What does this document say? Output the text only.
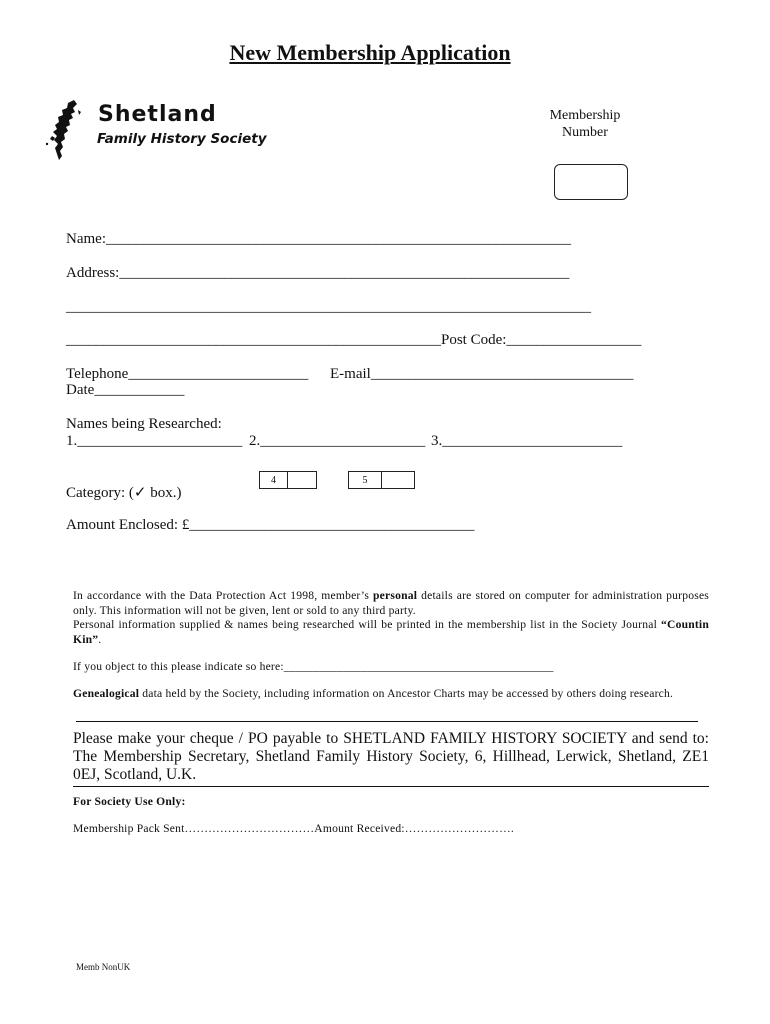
New Membership Application
Shetland
Family History Society
Membership Number
Name:______________________________________________________________
Address:____________________________________________________________
______________________________________________________________________
__________________________________________________Post Code:__________________
Telephone________________________ E-mail___________________________________
Date____________
Names being Researched:
1.______________________ 2.______________________ 3.________________________
Category: (✓ box.)
4	5
Amount Enclosed: £______________________________________
In accordance with the Data Protection Act 1998, member’s personal details are stored on computer for administration purposes only. This information will not be given, lent or sold to any third party.
Personal information supplied & names being researched will be printed in the membership list in the Society Journal “Countin Kin”.
If you object to this please indicate so here:_____________________________________________
Genealogical data held by the Society, including information on Ancestor Charts may be accessed by others doing research.
Please make your cheque / PO payable to SHETLAND FAMILY HISTORY SOCIETY and send to: The Membership Secretary, Shetland Family History Society, 6, Hillhead, Lerwick, Shetland, ZE1 0EJ, Scotland, U.K.
For Society Use Only:
Membership Pack Sent……………………………Amount Received:……………………….
Memb NonUK
